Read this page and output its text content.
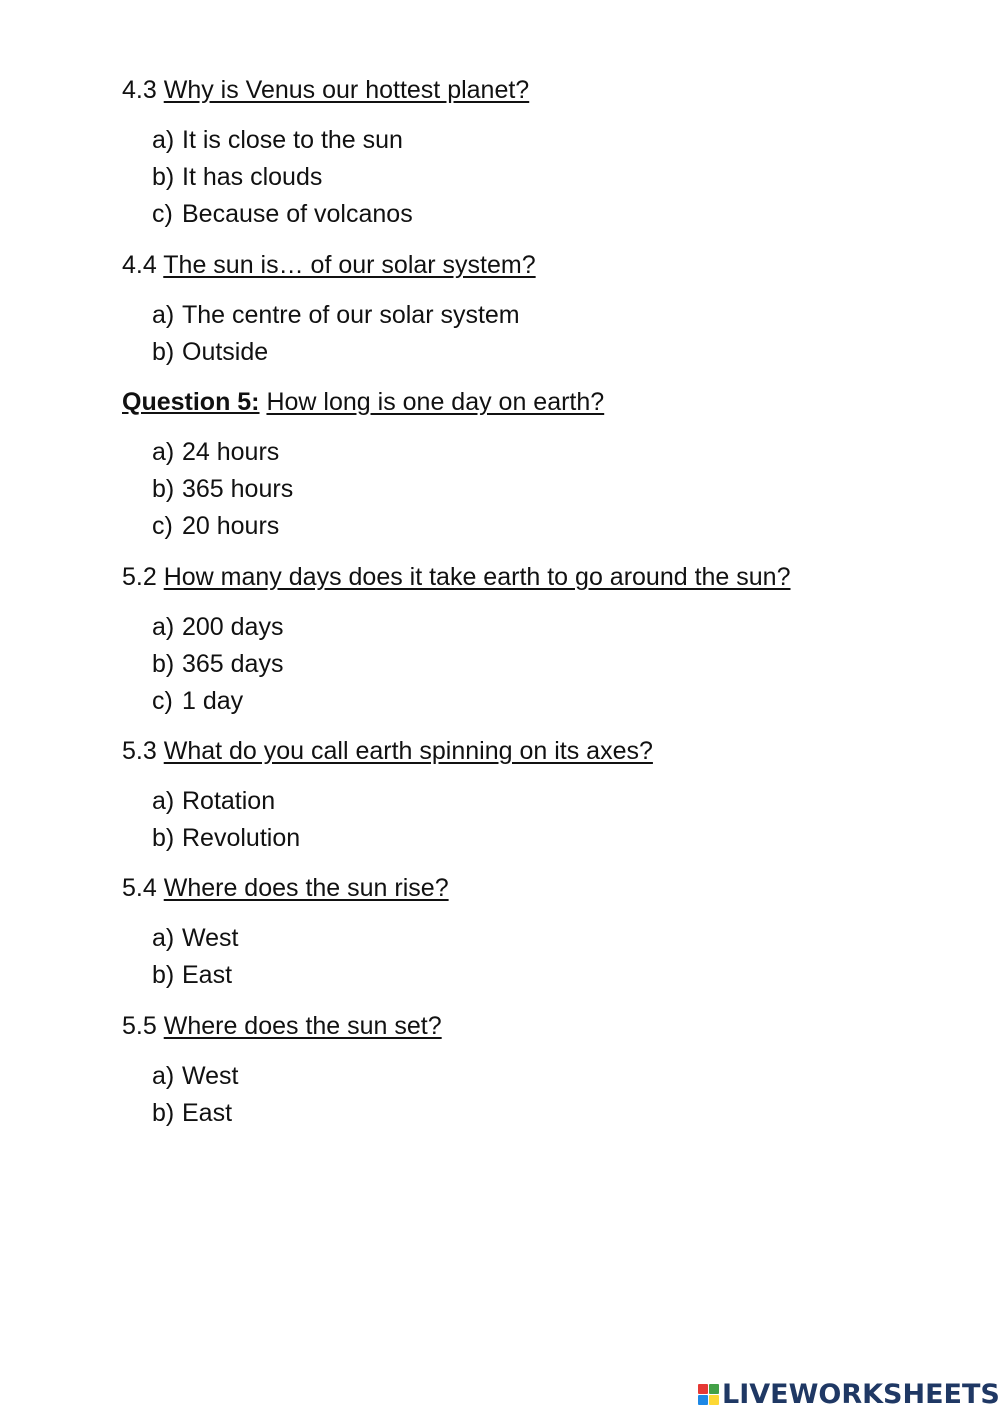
4.3 Why is Venus our hottest planet?
a) It is close to the sun
b) It has clouds
c) Because of volcanos
4.4 The sun is… of our solar system?
a) The centre of our solar system
b) Outside
Question 5: How long is one day on earth?
a) 24 hours
b) 365 hours
c) 20 hours
5.2 How many days does it take earth to go around the sun?
a) 200 days
b) 365 days
c) 1 day
5.3 What do you call earth spinning on its axes?
a) Rotation
b) Revolution
5.4 Where does the sun rise?
a) West
b) East
5.5 Where does the sun set?
a) West
b) East
LIVEWORKSHEETS
